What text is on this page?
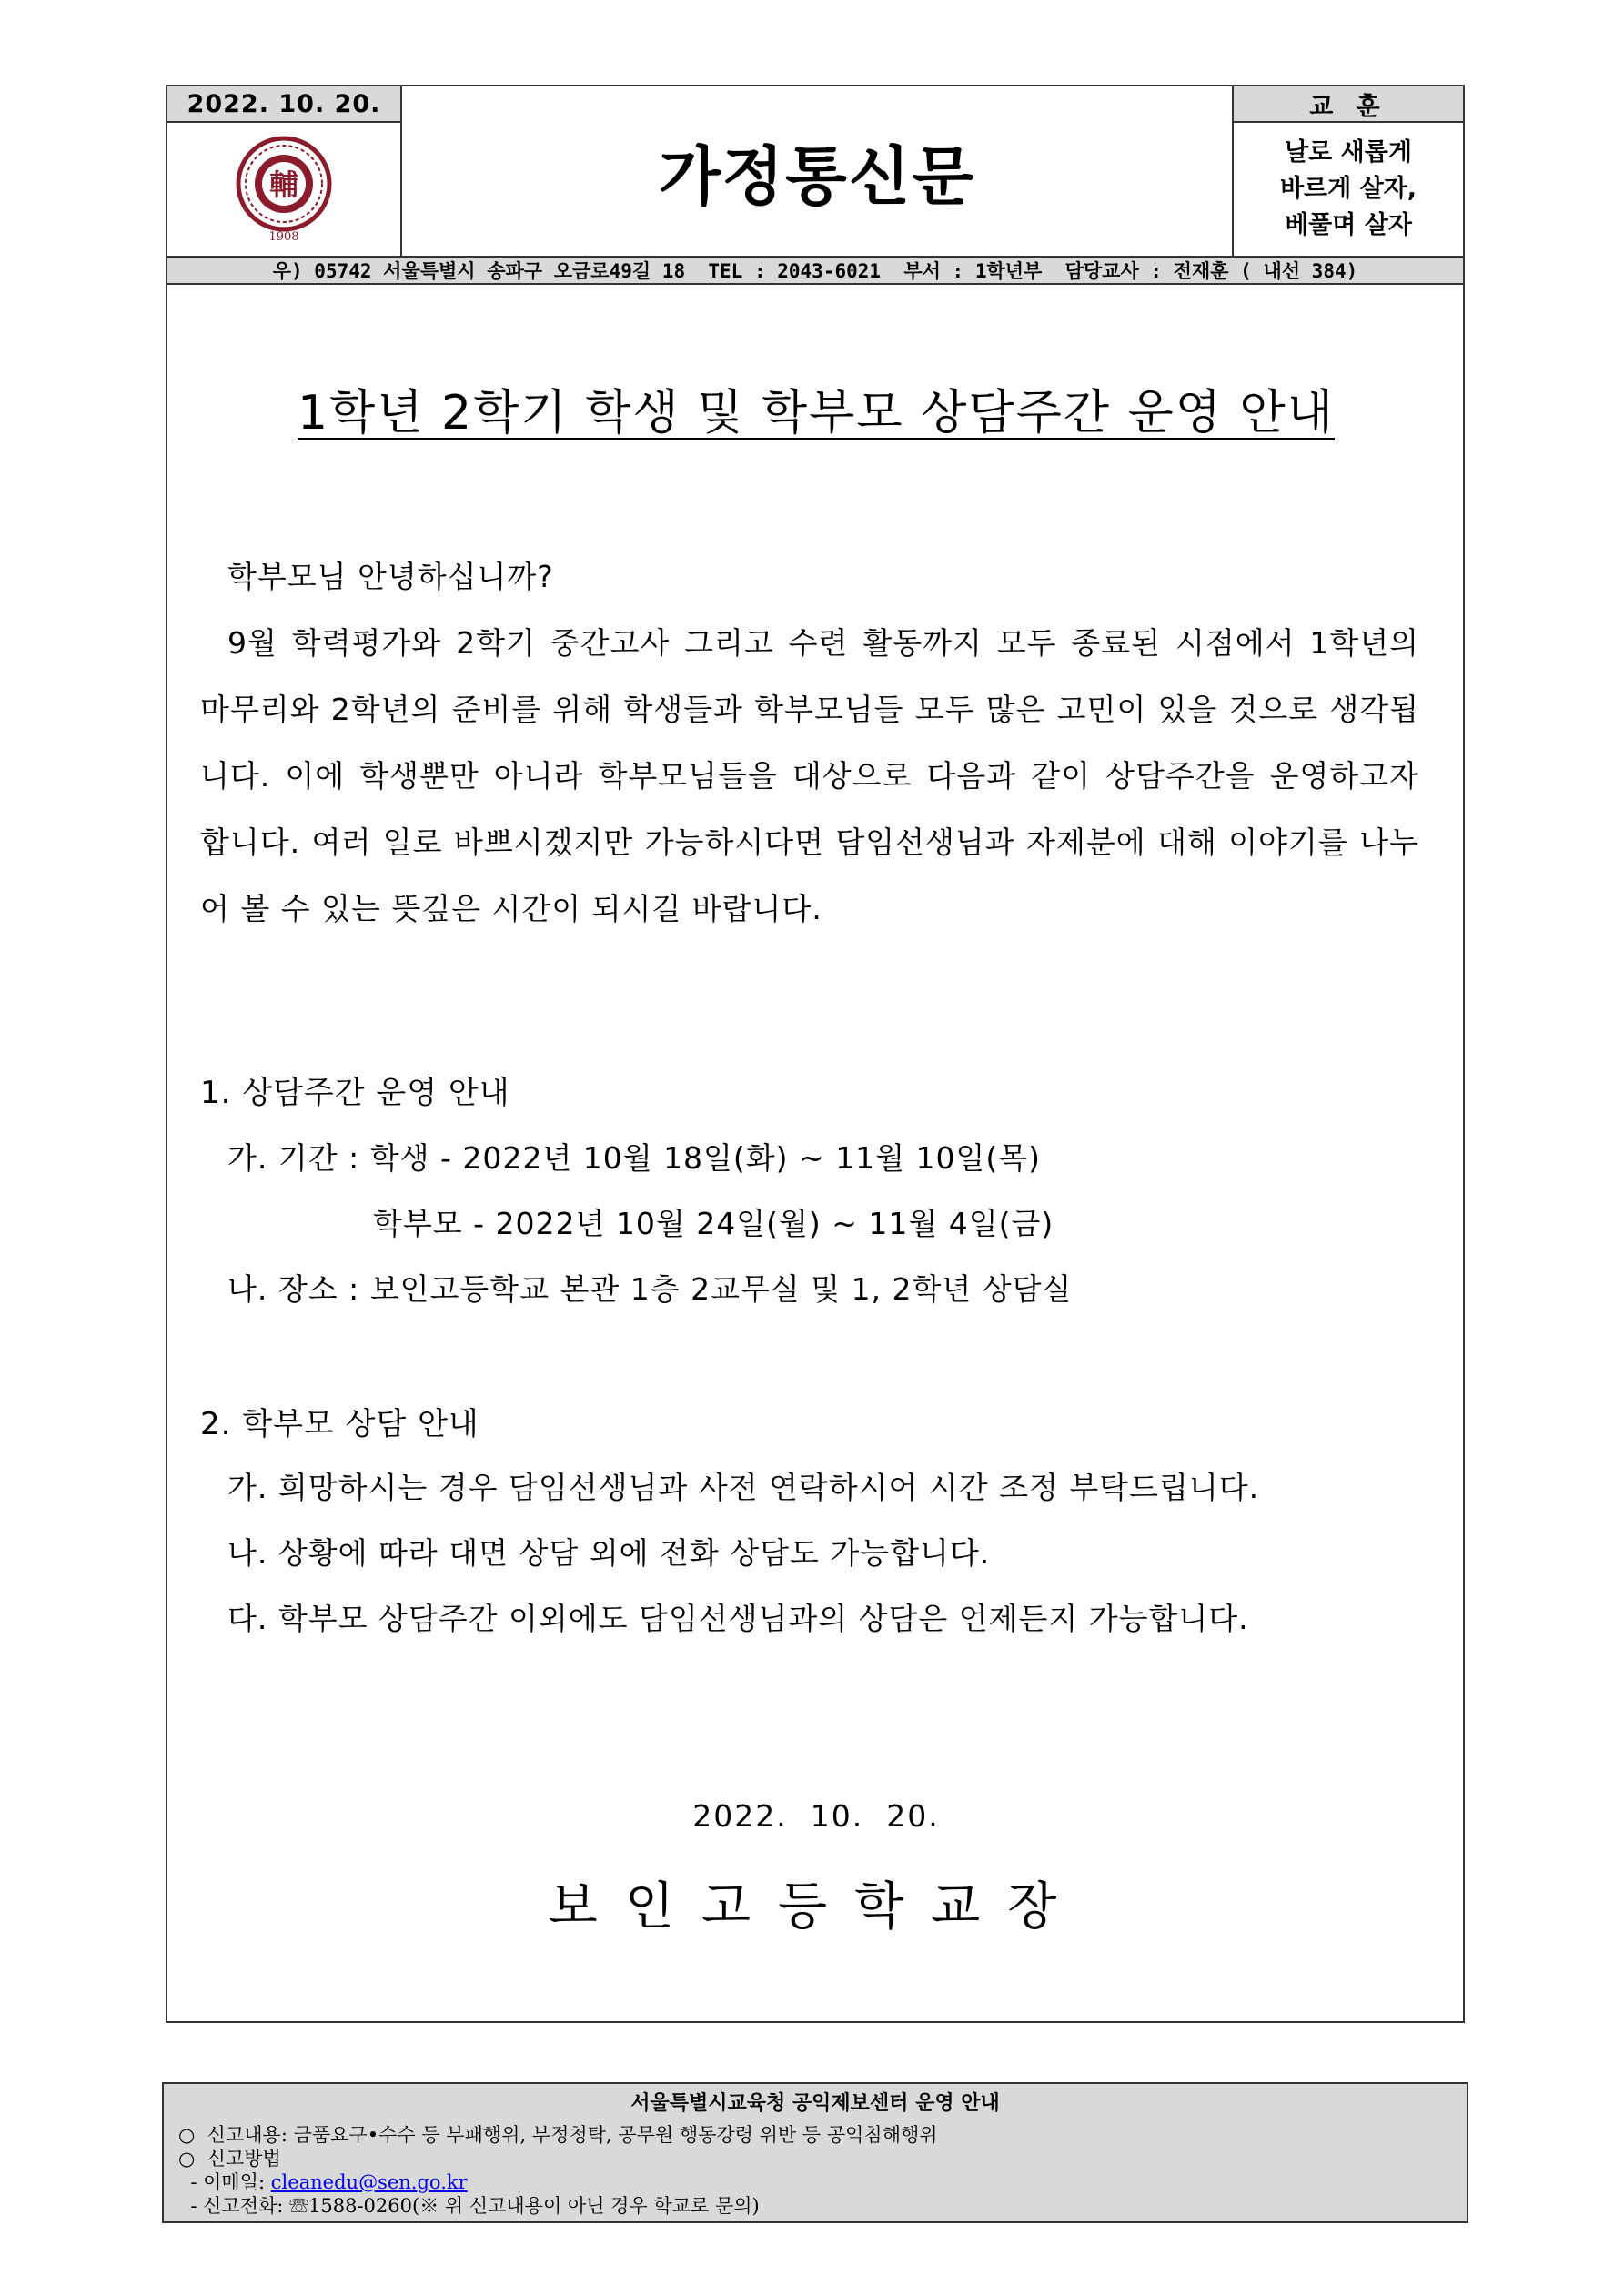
2022. 10. 20.
輔
1908
가정통신문
교 훈
날로 새롭게
바르게 살자,
베풀며 살자
우) 05742 서울특별시 송파구 오금로49길 18  TEL : 2043-6021  부서 : 1학년부  담당교사 : 전재훈 ( 내선 384)
1학년 2학기 학생 및 학부모 상담주간 운영 안내

학부모님 안녕하십니까?

9월 학력평가와 2학기 중간고사 그리고 수련 활동까지 모두 종료된 시점에서 1학년의 마무리와 2학년의 준비를 위해 학생들과 학부모님들 모두 많은 고민이 있을 것으로 생각됩니다. 이에 학생뿐만 아니라 학부모님들을 대상으로 다음과 같이 상담주간을 운영하고자 합니다. 여러 일로 바쁘시겠지만 가능하시다면 담임선생님과 자제분에 대해 이야기를 나누어 볼 수 있는 뜻깊은 시간이 되시길 바랍니다.

1. 상담주간 운영 안내
가. 기간 : 학생 - 2022년 10월 18일(화) ~ 11월 10일(목)
학부모 - 2022년 10월 24일(월) ~ 11월 4일(금)
나. 장소 : 보인고등학교 본관 1층 2교무실 및 1, 2학년 상담실
2. 학부모 상담 안내
가. 희망하시는 경우 담임선생님과 사전 연락하시어 시간 조정 부탁드립니다.
나. 상황에 따라 대면 상담 외에 전화 상담도 가능합니다.
다. 학부모 상담주간 이외에도 담임선생님과의 상담은 언제든지 가능합니다.
2022.  10.  20.
보인고등학교장
서울특별시교육청 공익제보센터 운영 안내
○  신고내용: 금품요구•수수 등 부패행위, 부정청탁, 공무원 행동강령 위반 등 공익침해행위
○  신고방법
- 이메일: cleanedu@sen.go.kr
- 신고전화: ☏1588-0260(※ 위 신고내용이 아닌 경우 학교로 문의)
